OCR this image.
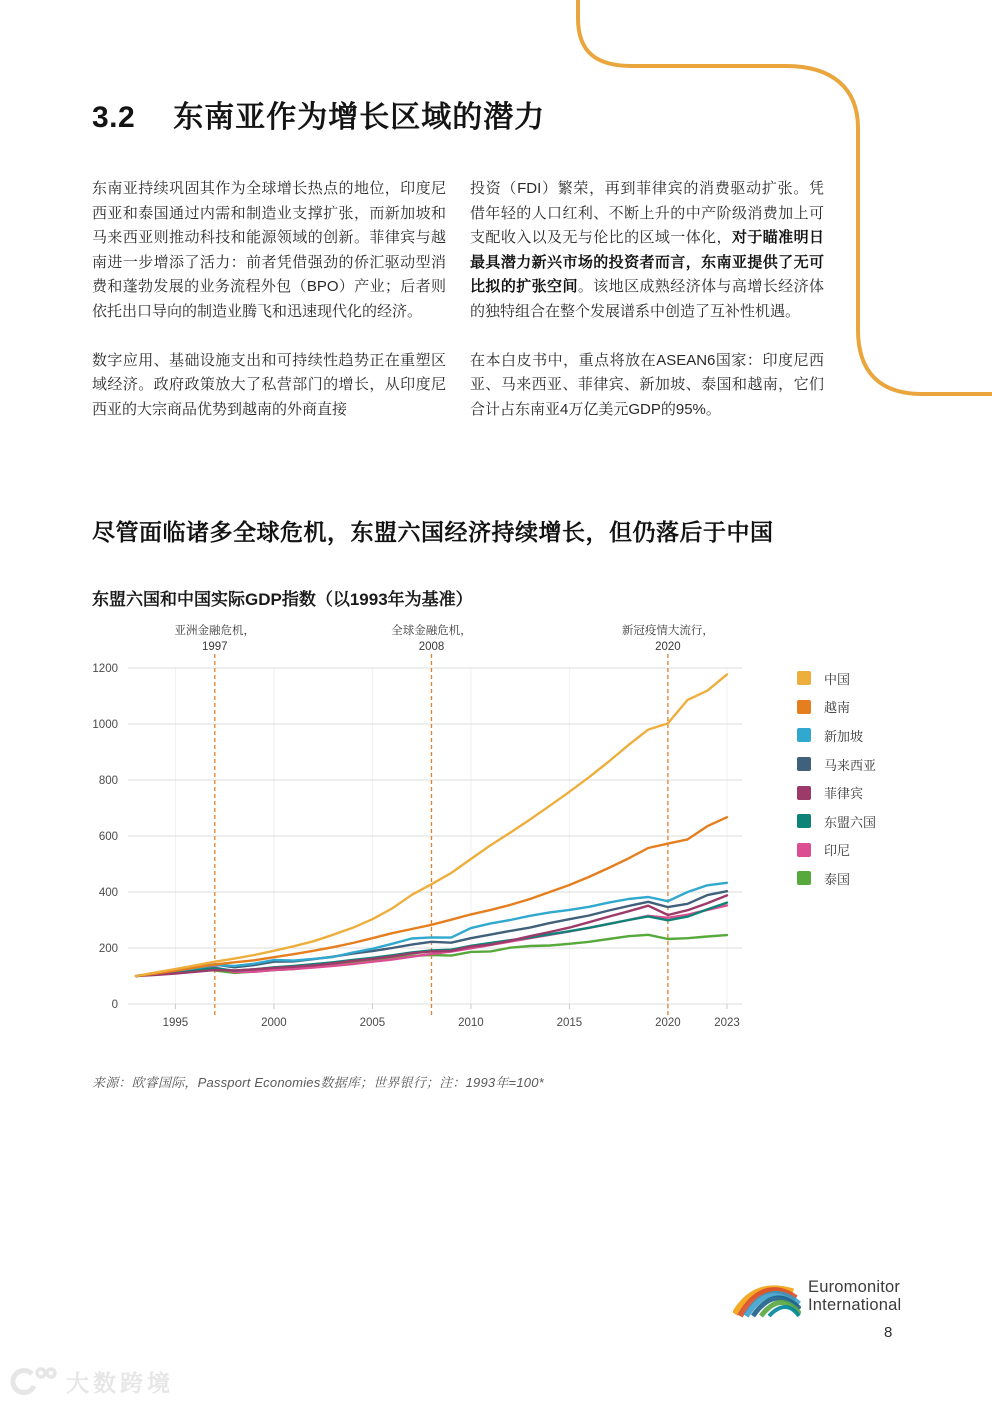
3.2 东南亚作为增长区域的潜力

东南亚持续巩固其作为全球增长热点的地位，印度尼西亚和泰国通过内需和制造业支撑扩张，而新加坡和马来西亚则推动科技和能源领域的创新。菲律宾与越南进一步增添了活力：前者凭借强劲的侨汇驱动型消费和蓬勃发展的业务流程外包（BPO）产业；后者则依托出口导向的制造业腾飞和迅速现代化的经济。

数字应用、基础设施支出和可持续性趋势正在重塑区域经济。政府政策放大了私营部门的增长，从印度尼西亚的大宗商品优势到越南的外商直接

投资（FDI）繁荣，再到菲律宾的消费驱动扩张。凭借年轻的人口红利、不断上升的中产阶级消费加上可支配收入以及无与伦比的区域一体化，对于瞄准明日最具潜力新兴市场的投资者而言，东南亚提供了无可比拟的扩张空间。该地区成熟经济体与高增长经济体的独特组合在整个发展谱系中创造了互补性机遇。

在本白皮书中，重点将放在ASEAN6国家：印度尼西亚、马来西亚、菲律宾、新加坡、泰国和越南，它们合计占东南亚4万亿美元GDP的95%。

尽管面临诸多全球危机，东盟六国经济持续增长，但仍落后于中国
东盟六国和中国实际GDP指数（以1993年为基准）
0
200
400
600
800
1000
1200
1995	2000	2005	2010	2015	2020	2023
亚洲金融危机，
1997
全球金融危机，
2008
新冠疫情大流行，
2020
中国
越南
新加坡
马来西亚
菲律宾
东盟六国
印尼
泰国
来源：欧睿国际，Passport Economies数据库；世界银行；注：1993年=100*
Euromonitor
International
8
大数跨境
